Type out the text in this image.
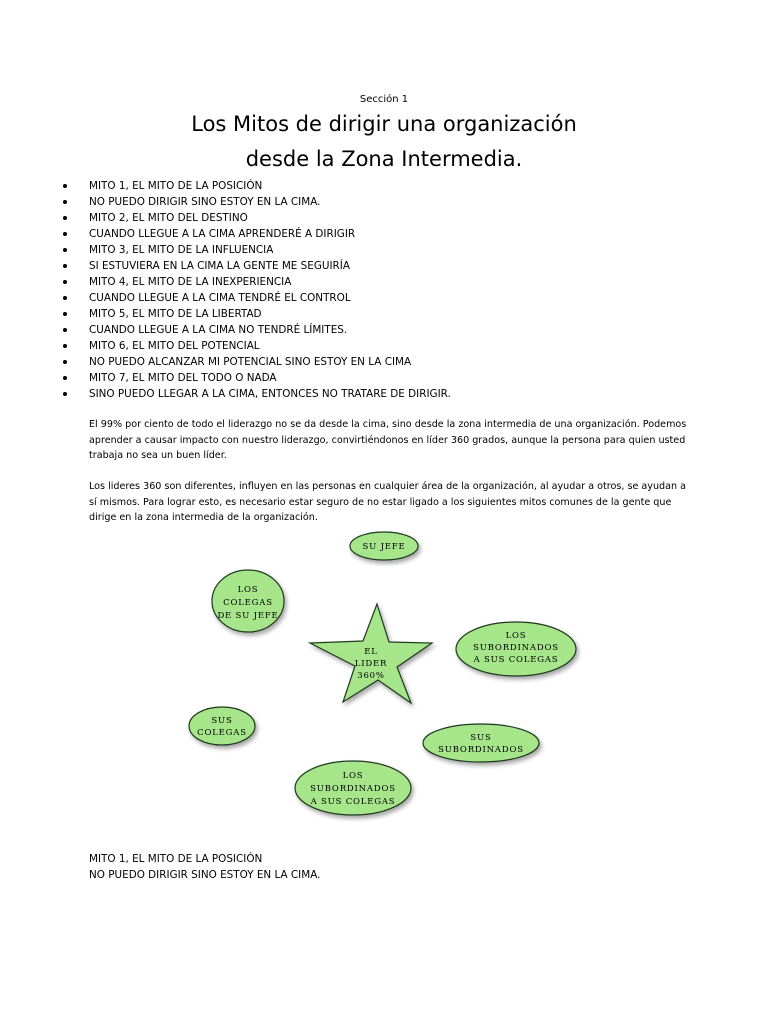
Sección 1
Los Mitos de dirigir una organización
desde la Zona Intermedia.
MITO 1, EL MITO DE LA POSICIÓN
NO PUEDO DIRIGIR SINO ESTOY EN LA CIMA.
MITO 2, EL MITO DEL DESTINO
CUANDO LLEGUE A LA CIMA APRENDERÉ A DIRIGIR
MITO 3, EL MITO DE LA INFLUENCIA
SI ESTUVIERA EN LA CIMA LA GENTE ME SEGUIRÍA
MITO 4, EL MITO DE LA INEXPERIENCIA
CUANDO LLEGUE A LA CIMA TENDRÉ EL CONTROL
MITO 5, EL MITO DE LA LIBERTAD
CUANDO LLEGUE A LA CIMA NO TENDRÉ LÍMITES.
MITO 6, EL MITO DEL POTENCIAL
NO PUEDO ALCANZAR MI POTENCIAL SINO ESTOY EN LA CIMA
MITO 7, EL MITO DEL TODO O NADA
SINO PUEDO LLEGAR A LA CIMA, ENTONCES NO TRATARE DE DIRIGIR.

El 99% por ciento de todo el liderazgo no se da desde la cima, sino desde la zona intermedia de una organización. Podemos aprender a causar impacto con nuestro liderazgo, convirtiéndonos en líder 360 grados, aunque la persona para quien usted trabaja no sea un buen líder.

Los lideres 360 son diferentes, influyen en las personas en cualquier área de la organización, al ayudar a otros, se ayudan a sí mismos. Para lograr esto, es necesario estar seguro de no estar ligado a los siguientes mitos comunes de la gente que dirige en la zona intermedia de la organización.

EL LIDER 360%
SU JEFE
LOS COLEGAS DE SU JEFE
LOS SUBORDINADOS A SUS COLEGAS
SUS COLEGAS	SUS SUBORDINADOS
LOS SUBORDINADOS A SUS COLEGAS
MITO 1, EL MITO DE LA POSICIÓN
NO PUEDO DIRIGIR SINO ESTOY EN LA CIMA.
